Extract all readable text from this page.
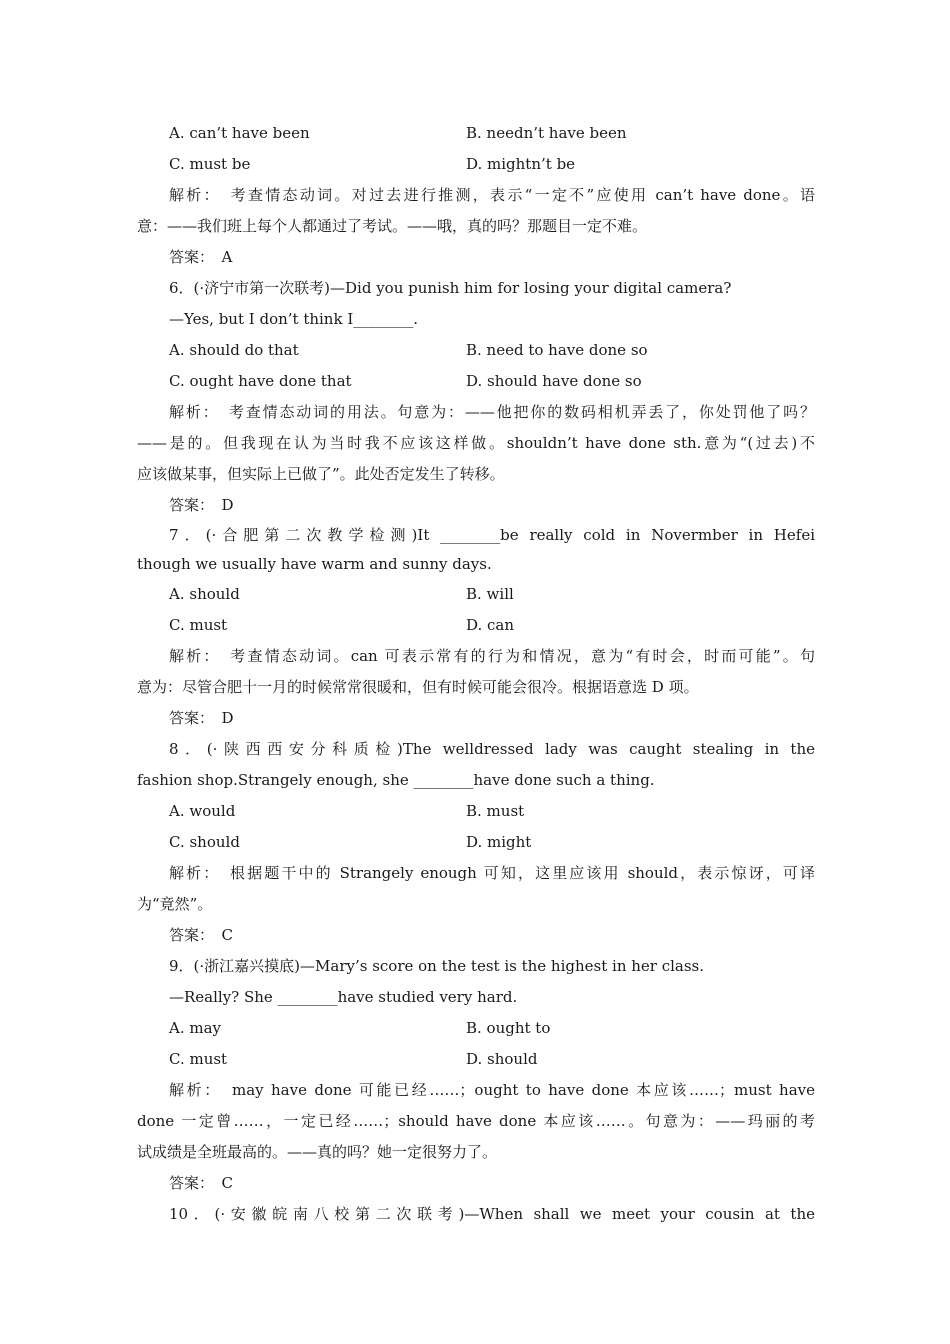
A. can’t have been	B. needn’t have been
C. must be	D. mightn’t be
解析：　考查情态动词。对过去进行推测，表示“一定不”应使用 can’t have done。语
意：——我们班上每个人都通过了考试。——哦，真的吗？那题目一定不难。
答案：　A
6．(·济宁市第一次联考)—Did you punish him for losing your digital camera?
—Yes, but I don’t think I________.
A. should do that	B. need to have done so
C. ought have done that	D. should have done so
解析：　考查情态动词的用法。句意为：——他把你的数码相机弄丢了，你处罚他了吗？
——是的。但我现在认为当时我不应该这样做。shouldn’t have done sth.意为“(过去)不
应该做某事，但实际上已做了”。此处否定发生了转移。
答案：　D
7．(·合肥第二次教学检测)It ________be really cold in Novermber in Hefei
though we usually have warm and sunny days.
A. should	B. will
C. must	D. can
解析：　考查情态动词。can 可表示常有的行为和情况，意为“有时会，时而可能”。句
意为：尽管合肥十一月的时候常常很暖和，但有时候可能会很冷。根据语意选 D 项。
答案：　D
8．(·陕西西安分科质检)The welldressed lady was caught stealing in the
fashion shop.Strangely enough, she ________have done such a thing.
A. would	B. must
C. should	D. might
解析：　根据题干中的 Strangely enough 可知，这里应该用 should，表示惊讶，可译
为“竟然”。
答案：　C
9．(·浙江嘉兴摸底)—Mary’s score on the test is the highest in her class.
—Really? She ________have studied very hard.
A. may	B. ought to
C. must	D. should
解析：　may have done 可能已经……；ought to have done 本应该……；must have
done 一定曾……，一定已经……；should have done 本应该……。句意为：——玛丽的考
试成绩是全班最高的。——真的吗？她一定很努力了。
答案：　C
10．(·安徽皖南八校第二次联考)—When shall we meet your cousin at the
